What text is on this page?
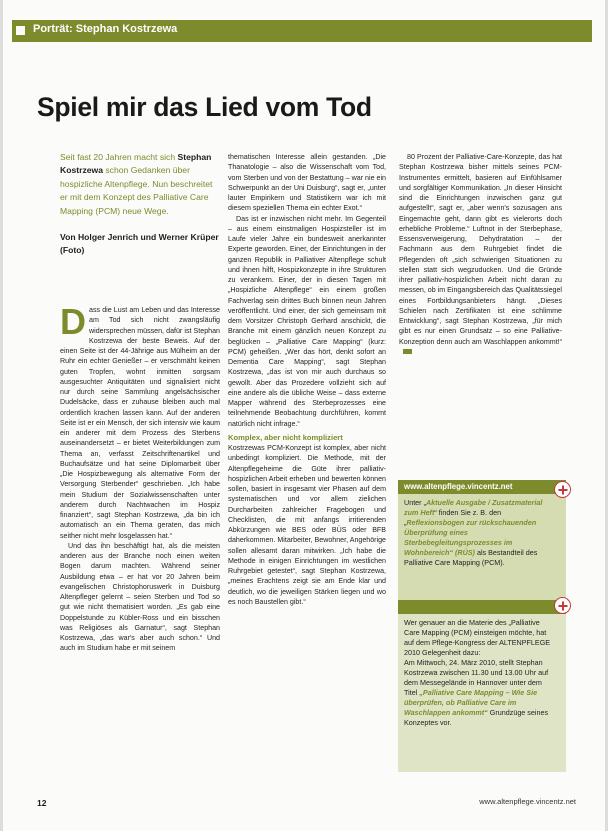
Porträt: Stephan Kostrzewa
Spiel mir das Lied vom Tod
Seit fast 20 Jahren macht sich Stephan Kostrzewa schon Gedanken über hospizliche Altenpflege. Nun beschreitet er mit dem Konzept des Palliative Care Mapping (PCM) neue Wege.
Von Holger Jenrich und Werner Krüper (Foto)
D ass die Lust am Leben und das Interesse am Tod sich nicht zwangsläufig widersprechen müssen, dafür ist Stephan Kostrzewa der beste Beweis. Auf der einen Seite ist der 44-Jährige aus Mülheim an der Ruhr ein echter Genießer – er verschmäht keinen guten Tropfen, wohnt inmitten sorgsam ausgesuchter Antiquitäten und signalisiert nicht nur durch seine Sammlung angelsächsischer Dudelsäcke, dass er zuhause bleiben auch mal ordentlich krachen lassen kann. Auf der anderen Seite ist er ein Mensch, der sich intensiv wie kaum ein anderer mit dem Prozess des Sterbens auseinandersetzt – er bietet Weiterbildungen zum Thema an, verfasst Zeitschriftenartikel und Buchaufsätze und hat seine Diplomarbeit über „Die Hospizbewegung als alternative Form der Versorgung Sterbender“ geschrieben. „Ich habe mein Studium der Sozialwissenschaften unter anderem durch Nachtwachen im Hospiz finanziert“, sagt Stephan Kostrzewa, „da bin ich automatisch an ein Thema geraten, das mich seither nicht mehr losgelassen hat.“

Und das ihn beschäftigt hat, als die meisten anderen aus der Branche noch einen weiten Bogen darum machten. Während seiner Ausbildung etwa – er hat vor 20 Jahren beim evangelischen Christophoruswerk in Duisburg Altenpfleger gelernt – seien Sterben und Tod so gut wie nicht thematisiert worden. „Es gab eine Doppelstunde zu Kübler-Ross und ein bisschen was Religiöses als Garnatur“, sagt Stephan Kostrzewa, „das war's aber auch schon.“ Und auch im Studium habe er mit seinem

thematischen Interesse allein gestanden. „Die Thanatologie – also die Wissenschaft vom Tod, vom Sterben und von der Bestattung – war nie ein Schwerpunkt an der Uni Duisburg“, sagt er, „unter lauter Empirikern und Statistikern war ich mit diesem speziellen Thema ein echter Exot.“

Das ist er inzwischen nicht mehr. Im Gegenteil – aus einem einstmaligen Hospizsteller ist im Laufe vieler Jahre ein bundesweit anerkannter Experte geworden. Einer, der Einrichtungen in der ganzen Republik in Palliativer Altenpflege schult und ihnen hilft, Hospizkonzepte in ihre Strukturen zu verankern. Einer, der in diesen Tagen mit „Hospizliche Altenpflege“ ein einem großen Fachverlag sein drittes Buch binnen neun Jahren veröffentlicht. Und einer, der sich gemeinsam mit dem Vorsitzer Christoph Gerhard anschickt, die Branche mit einem gänzlich neuen Konzept zu beglücken – „Palliative Care Mapping“ (kurz: PCM) geheißen. „Wer das hört, denkt sofort an Dementia Care Mapping“, sagt Stephan Kostrzewa, „das ist von mir auch durchaus so gewollt. Aber das Prozedere vollzieht sich auf eine andere als die übliche Weise – dass externe Mapper während des Sterbeprozesses eine teilnehmende Beobachtung durchführen, kommt natürlich nicht infrage.“

Komplex, aber nicht kompliziert

Kostrzewas PCM-Konzept ist komplex, aber nicht unbedingt kompliziert. Die Methode, mit der Altenpflegeheime die Güte ihrer palliativ-hospizlichen Arbeit erheben und bewerten können sollen, basiert in insgesamt vier Phasen auf dem systematischen und vor allem zielichen Durcharbeiten zahlreicher Fragebogen und Checklisten, die mit anfangs irritierenden Abkürzungen wie BES oder BÜS oder BFB daherkommen. Mitarbeiter, Bewohner, Angehörige sollen allesamt daran mitwirken. „Ich habe die Methode in einigen Einrichtungen im westlichen Ruhrgebiet getestet“, sagt Stephan Kostrzewa, „meines Erachtens zeigt sie am Ende klar und deutlich, wo die jeweiligen Stärken liegen und wo es noch Baustellen gibt.“

80 Prozent der Palliative-Care-Konzepte, das hat Stephan Kostrzewa bisher mittels seines PCM-Instrumentes ermittelt, basieren auf Einfühlsamer und sorgfältiger Kommunikation. „In dieser Hinsicht sind die Einrichtungen inzwischen ganz gut aufgestellt“, sagt er, „aber wenn's sozusagen ans Eingemachte geht, dann gibt es vielerorts doch erhebliche Probleme.“ Luftnot in der Sterbephase, Essensverweigerung, Dehydratation – der Fachmann aus dem Ruhrgebiet findet die Pflegenden oft „sich schwierigen Situationen zu stellen statt sich wegzuducken. Und die Gründe ihrer palliativ-hospizlichen Arbeit nicht daran zu messen, ob im Eingangsbereich das Qualitätssiegel eines Fortbildungsanbieters hängt. „Dieses Schielen nach Zertifikaten ist eine schlimme Entwicklung“, sagt Stephan Kostrzewa, „für mich gibt es nur einen Grundsatz – so eine Palliative-Konzeption denn auch am Waschlappen ankommt!“

www.altenpflege.vincentz.net
Unter „Aktuelle Ausgabe / Zusatzmaterial zum Heft“ finden Sie z. B. den „Reflexionsbogen zur rückschauenden Überprüfung eines Sterbebegleitungsprozesses im Wohnbereich“ (RÜS) als Bestandteil des Palliative Care Mapping (PCM).
Wer genauer an die Materie des „Palliative Care Mapping (PCM) einsteigen möchte, hat auf dem Pflege-Kongress der ALTENPFLEGE 2010 Gelegenheit dazu:
Am Mittwoch, 24. März 2010, stellt Stephan Kostrzewa zwischen 11.30 und 13.00 Uhr auf dem Messegelände in Hannover unter dem Titel „Palliative Care Mapping – Wie Sie überprüfen, ob Palliative Care im Waschlappen ankommt“ Grundzüge seines Konzeptes vor.
12	www.altenpflege.vincentz.net
